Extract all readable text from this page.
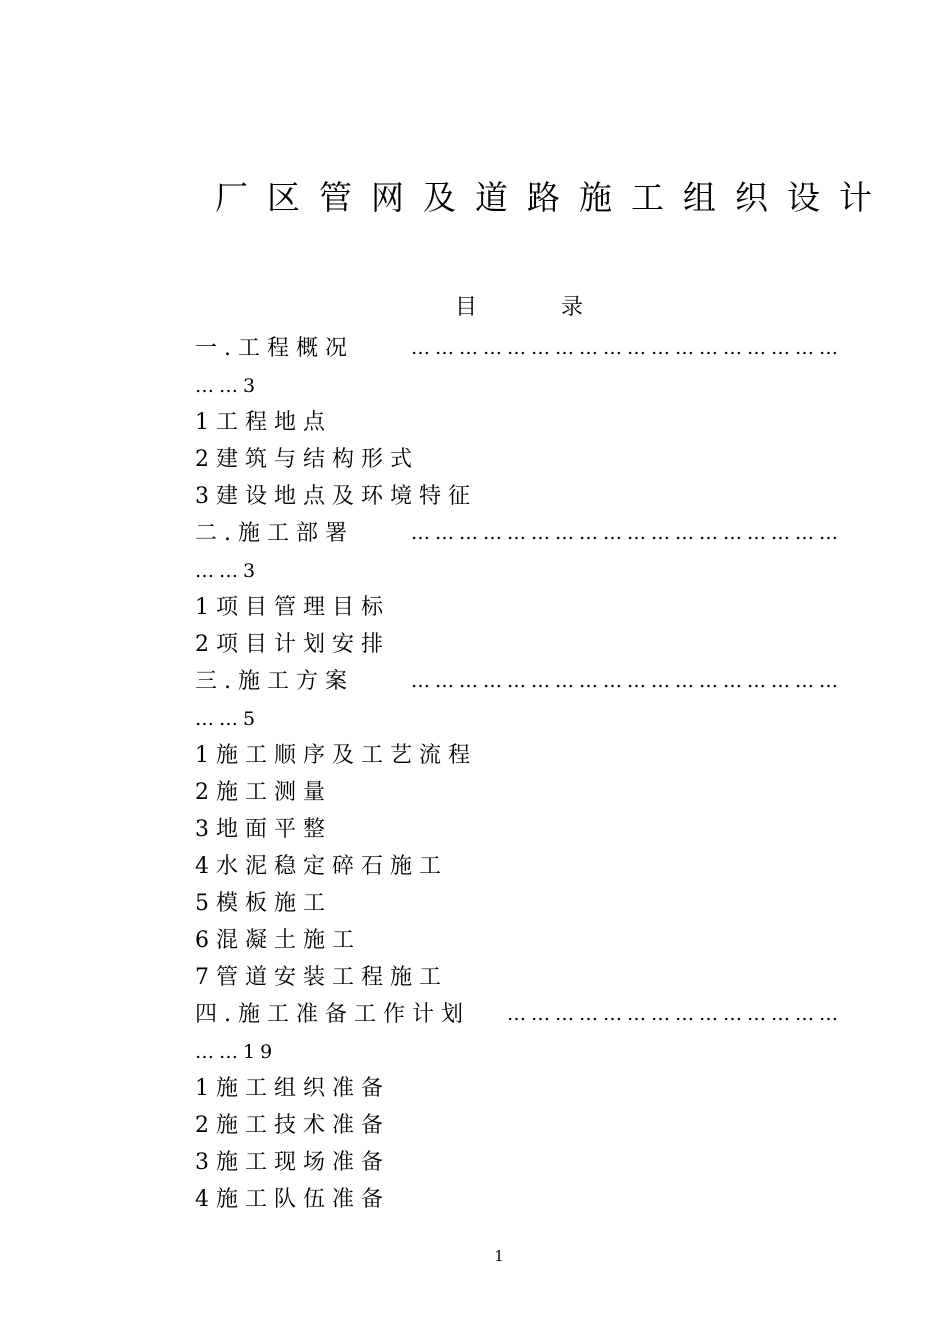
厂区管网及道路施工组织设计
目	录
一.工程概况	………………………………………………
……3
1工程地点
2建筑与结构形式
3建设地点及环境特征
二.施工部署	………………………………………………
……3
1项目管理目标
2项目计划安排
三.施工方案	………………………………………………
……5
1施工顺序及工艺流程
2施工测量
3地面平整
4水泥稳定碎石施工
5模板施工
6混凝土施工
7管道安装工程施工
四.施工准备工作计划 ……………………………………
……19
1施工组织准备
2施工技术准备
3施工现场准备
4施工队伍准备
1
